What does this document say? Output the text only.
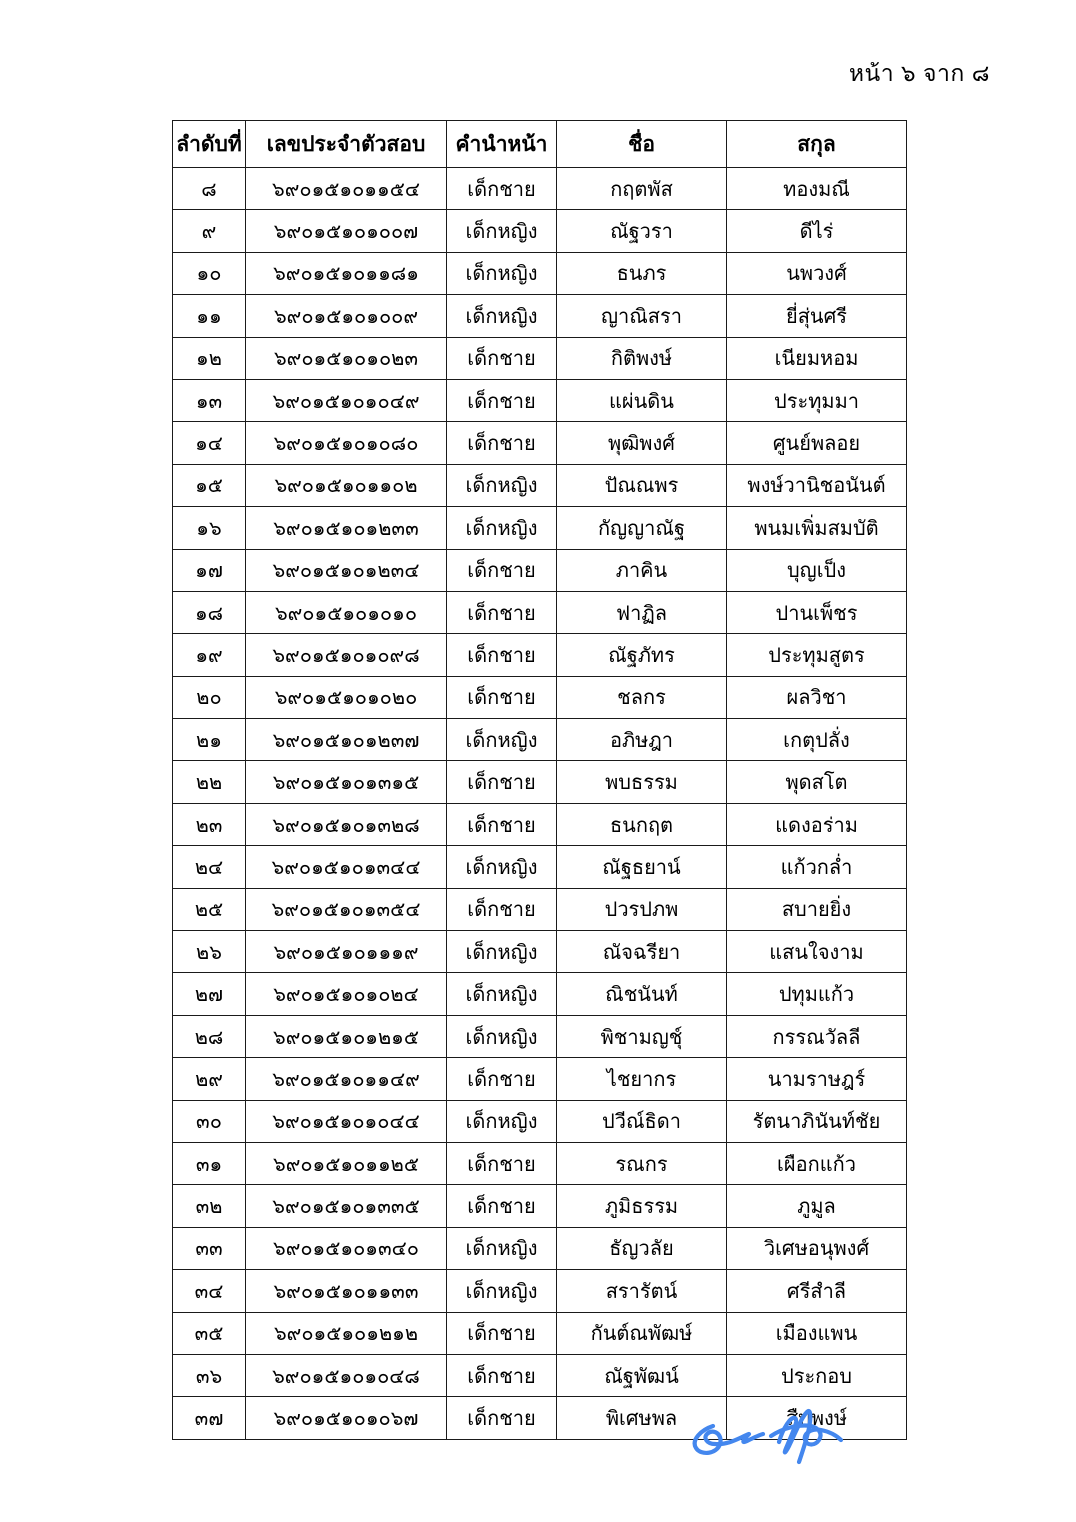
หน้า ๖ จาก ๘
ลำดับที่	เลขประจำตัวสอบ	คำนำหน้า	ชื่อ	สกุล
๘	๖๙๐๑๕๑๐๑๑๕๔	เด็กชาย	กฤตพัส	ทองมณี
๙	๖๙๐๑๕๑๐๑๐๐๗	เด็กหญิง	ณัฐวรา	ดีไร่
๑๐	๖๙๐๑๕๑๐๑๑๘๑	เด็กหญิง	ธนภร	นพวงศ์
๑๑	๖๙๐๑๕๑๐๑๐๐๙	เด็กหญิง	ญาณิสรา	ยี่สุ่นศรี
๑๒	๖๙๐๑๕๑๐๑๐๒๓	เด็กชาย	กิติพงษ์	เนียมหอม
๑๓	๖๙๐๑๕๑๐๑๐๔๙	เด็กชาย	แผ่นดิน	ประทุมมา
๑๔	๖๙๐๑๕๑๐๑๐๘๐	เด็กชาย	พุฒิพงศ์	ศูนย์พลอย
๑๕	๖๙๐๑๕๑๐๑๑๐๒	เด็กหญิง	ปัณณพร	พงษ์วานิชอนันต์
๑๖	๖๙๐๑๕๑๐๑๒๓๓	เด็กหญิง	กัญญาณัฐ	พนมเพิ่มสมบัติ
๑๗	๖๙๐๑๕๑๐๑๒๓๔	เด็กชาย	ภาคิน	บุญเป็ง
๑๘	๖๙๐๑๕๑๐๑๐๑๐	เด็กชาย	ฟาฏิล	ปานเพ็ชร
๑๙	๖๙๐๑๕๑๐๑๐๙๘	เด็กชาย	ณัฐภัทร	ประทุมสูตร
๒๐	๖๙๐๑๕๑๐๑๐๒๐	เด็กชาย	ชลกร	ผลวิชา
๒๑	๖๙๐๑๕๑๐๑๒๓๗	เด็กหญิง	อภิษฎา	เกตุปลั่ง
๒๒	๖๙๐๑๕๑๐๑๓๑๕	เด็กชาย	พบธรรม	พุดสโต
๒๓	๖๙๐๑๕๑๐๑๓๒๘	เด็กชาย	ธนกฤต	แดงอร่าม
๒๔	๖๙๐๑๕๑๐๑๓๔๔	เด็กหญิง	ณัฐธยาน์	แก้วกล่ำ
๒๕	๖๙๐๑๕๑๐๑๓๕๔	เด็กชาย	ปวรปภพ	สบายยิ่ง
๒๖	๖๙๐๑๕๑๐๑๑๑๙	เด็กหญิง	ณัจฉรียา	แสนใจงาม
๒๗	๖๙๐๑๕๑๐๑๐๒๔	เด็กหญิง	ณิชนันท์	ปทุมแก้ว
๒๘	๖๙๐๑๕๑๐๑๒๑๕	เด็กหญิง	พิชามญชุ์	กรรณวัลลี
๒๙	๖๙๐๑๕๑๐๑๑๔๙	เด็กชาย	ไชยากร	นามราษฎร์
๓๐	๖๙๐๑๕๑๐๑๐๔๔	เด็กหญิง	ปวีณ์ธิดา	รัตนาภินันท์ชัย
๓๑	๖๙๐๑๕๑๐๑๑๒๕	เด็กชาย	รณกร	เผือกแก้ว
๓๒	๖๙๐๑๕๑๐๑๓๓๕	เด็กชาย	ภูมิธรรม	ภูมูล
๓๓	๖๙๐๑๕๑๐๑๓๔๐	เด็กหญิง	ธัญวลัย	วิเศษอนุพงศ์
๓๔	๖๙๐๑๕๑๐๑๑๓๓	เด็กหญิง	สรารัตน์	ศรีสำลี
๓๕	๖๙๐๑๕๑๐๑๒๑๒	เด็กชาย	กันต์ณพัฒษ์	เมืองแพน
๓๖	๖๙๐๑๕๑๐๑๐๔๘	เด็กชาย	ณัฐพัฒน์	ประกอบ
๓๗	๖๙๐๑๕๑๐๑๐๖๗	เด็กชาย	พิเศษพล	สืบพงษ์
